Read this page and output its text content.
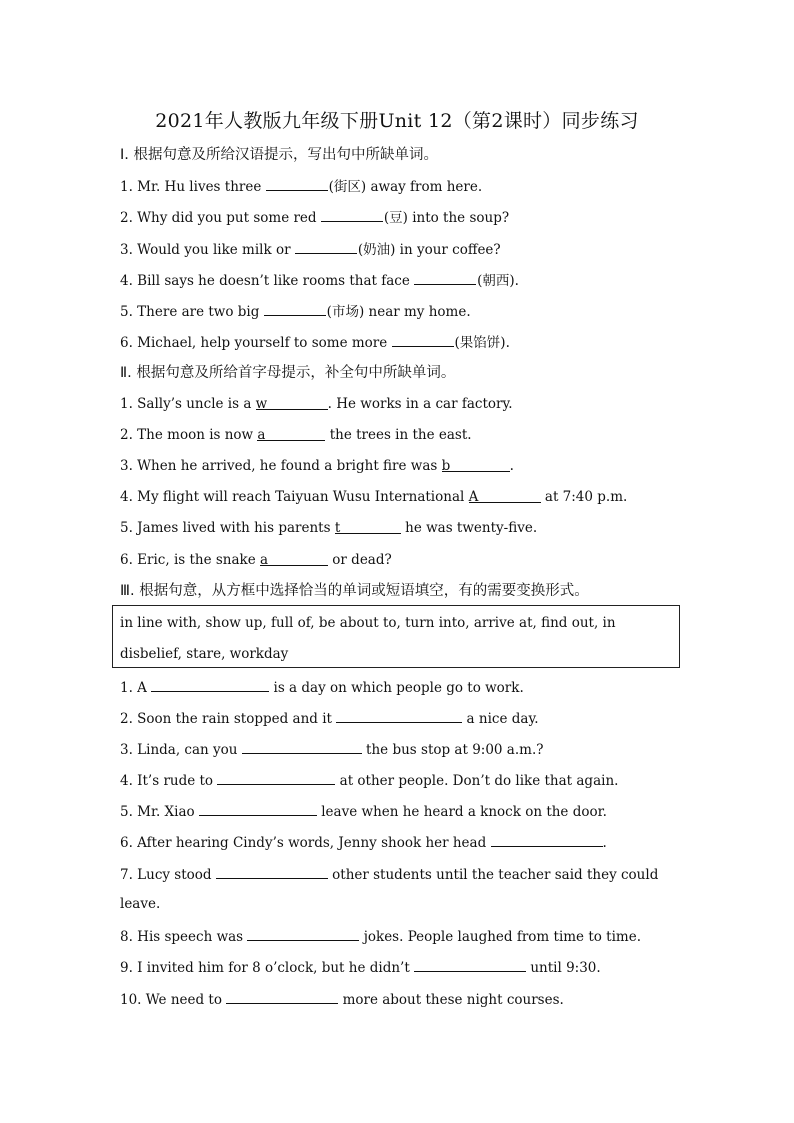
2021年人教版九年级下册Unit 12（第2课时）同步练习
Ⅰ. 根据句意及所给汉语提示，写出句中所缺单词。
1. Mr. Hu lives three	(街区) away from here.
2. Why did you put some red	(豆) into the soup?
3. Would you like milk or	(奶油) in your coffee?
4. Bill says he doesn’t like rooms that face	(朝西).
5. There are two big	(市场) near my home.
6. Michael, help yourself to some more	(果馅饼).
Ⅱ. 根据句意及所给首字母提示，补全句中所缺单词。
1. Sally’s uncle is a w	. He works in a car factory.
2. The moon is now a	the trees in the east.
3. When he arrived, he found a bright fire was b	.
4. My flight will reach Taiyuan Wusu International A	at 7:40 p.m.
5. James lived with his parents t	he was twenty-five.
6. Eric, is the snake a	or dead?
Ⅲ. 根据句意，从方框中选择恰当的单词或短语填空，有的需要变换形式。
in line with, show up, full of, be about to, turn into, arrive at, find out, in
disbelief, stare, workday
1. A	is a day on which people go to work.
2. Soon the rain stopped and it	a nice day.
3. Linda, can you	the bus stop at 9:00 a.m.?
4. It’s rude to	at other people. Don’t do like that again.
5. Mr. Xiao	leave when he heard a knock on the door.
6. After hearing Cindy’s words, Jenny shook her head	.
7. Lucy stood	other students until the teacher said they could
leave.
8. His speech was	jokes. People laughed from time to time.
9. I invited him for 8 o’clock, but he didn’t	until 9:30.
10. We need to	more about these night courses.
